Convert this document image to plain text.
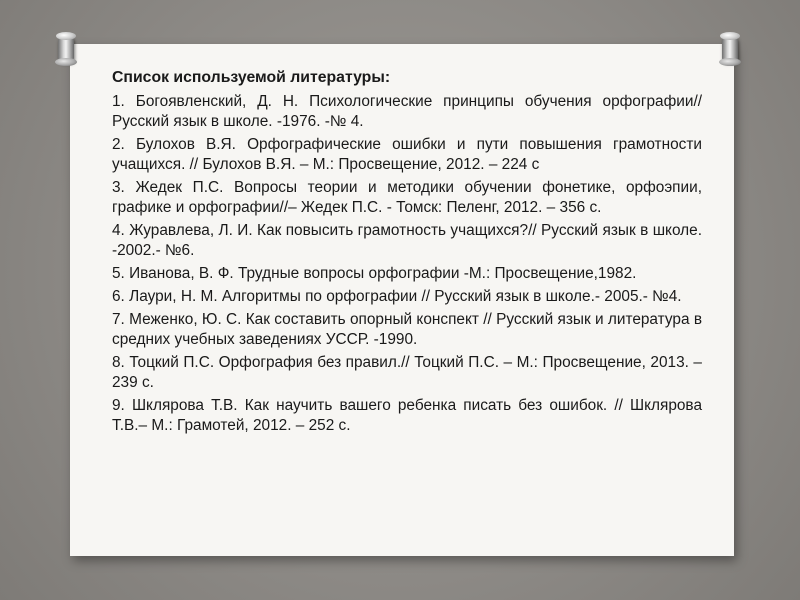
Список используемой литературы:
1. Богоявленский, Д. Н. Психологические принципы обучения орфографии//Русский язык в школе. -1976. -№ 4.
2. Булохов В.Я. Орфографические ошибки и пути повышения грамотности учащихся. // Булохов В.Я. – М.: Просвещение, 2012. – 224 с
3. Жедек П.С. Вопросы теории и методики обучении фонетике, орфоэпии, графике и орфографии//– Жедек П.С. - Томск: Пеленг, 2012. – 356 с.
4. Журавлева, Л. И. Как повысить грамотность учащихся?// Русский язык в школе. -2002.- №6.
5. Иванова, В. Ф. Трудные вопросы орфографии -М.: Просвещение,1982.
6. Лаури, Н. М. Алгоритмы по орфографии // Русский язык в школе.- 2005.- №4.
7. Меженко, Ю. С. Как составить опорный конспект // Русский язык и литература в средних учебных заведениях УССР. -1990.
8. Тоцкий П.С. Орфография без правил.// Тоцкий П.С. – М.: Просвещение, 2013. – 239 с.
9. Шклярова Т.В. Как научить вашего ребенка писать без ошибок. // Шклярова Т.В.– М.: Грамотей, 2012. – 252 с.
